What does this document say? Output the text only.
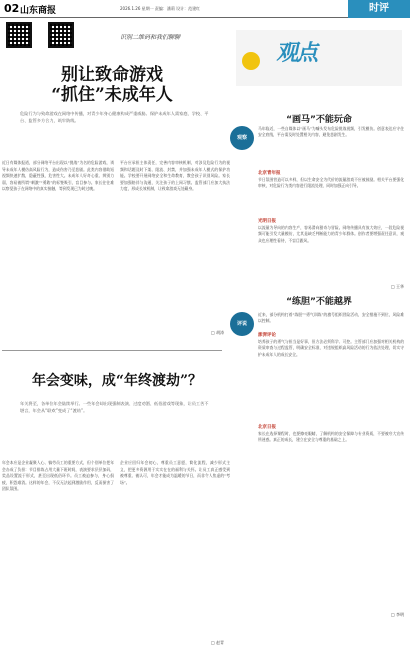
02 山东商报	2026.1.26 星期一 责编：潘莉 设计：范建红	时评
识别二维码和我们聊聊
别让致命游戏
“抓住”未成年人
危险行为与致命游戏在网络中传播，对青少年身心健康构成严重威胁。保护未成年人需家庭、学校、平台、监管多方合力，筑牢防线。
近日有媒体报道，部分网络平台出现以“挑战”为名的危险游戏，诱导未成年人模仿高风险行为，造成伤害乃至悲剧。此类内容借助短视频快速扩散，隐蔽性强，危害性大。未成年人好奇心重、辨别力弱，容易被所谓“刺激”“勇敢”的标签吸引，盲目参与。家长往往难以察觉孩子在网络中的真实接触，等到发现已为时过晚。
平台应承担主体责任，完善内容审核机制，对涉及危险行为的视频和话题及时下架、限流、封禁，并加强未成年人模式的保护功能。学校要开展网络安全和生命教育，教会孩子识别风险。家长要加强陪伴与沟通，关注孩子的上网习惯。监管部门应加大执法力度，形成长效机制，让致命游戏无处藏身。
□ 胡涛
年会变味，成“年终渡劫”？
年关将至，各单位年会陆续举行。一些年会却出现强制表演、过度劝酒、低俗游戏等现象，让员工苦不堪言，年会从“联欢”变成了“渡劫”。
年会本应是企业凝聚人心、犒劳员工的重要方式，但个别单位把年会办成了负担：节目排练占用大量下班时间，表演要求层层加码，奖品设置流于形式，甚至出现低俗环节。员工被迫参与，身心俱疲，积怨难消。这样的年会，不仅无法起到激励作用，反而损害了团队氛围。
企业应回归年会初心，尊重员工意愿，简化流程，减少形式主义，把更多资源用于实实在在的福利与关怀。让员工真正感受到被尊重、被认可，年会才能成为温暖的节日，而非令人焦虑的“考场”。
□ 赵青
观点
“画马”不能玩命
观察
马年临近，一些自媒体以“画马”为噱头发布危险挑战视频，引发模仿。创意表达应守住安全底线，平台需及时处置相关内容，避免悲剧发生。
北京青年报
节日氛围营造可以多样，但以生命安全为代价的流量游戏不应被鼓励。相关平台要强化审核，对危险行为类内容进行限流处理，同时加强正向引导。
光明日报
以流量为导向的内容生产，容易滑向猎奇与冒险。网络传播具有放大效应，一段危险视频可能引发大量模仿，尤其是缺乏判断能力的青少年群体。创作者要增强责任意识，观众也应理性看待，不盲目跟风。
□ 王华
“练胆”不能越界
评说
近来，部分机构打着“练胆”“勇气训练”的旗号组织冒险活动，安全措施不到位，风险难以控制。
澎湃评论
培养孩子的勇气与担当是好事，但方法必须科学、可控。主管部门应加强对相关机构的资质审查与过程监管，明确安全标准，对违规组织高风险活动的行为依法处理，切实守护未成年人的成长安全。
北京日报
家长在选择课程时，也要擦亮眼睛，了解机构的安全保障与专业资质，不要被夸大宣传所迷惑。真正的成长，建立在安全与尊重的基础之上。
□ 李明
